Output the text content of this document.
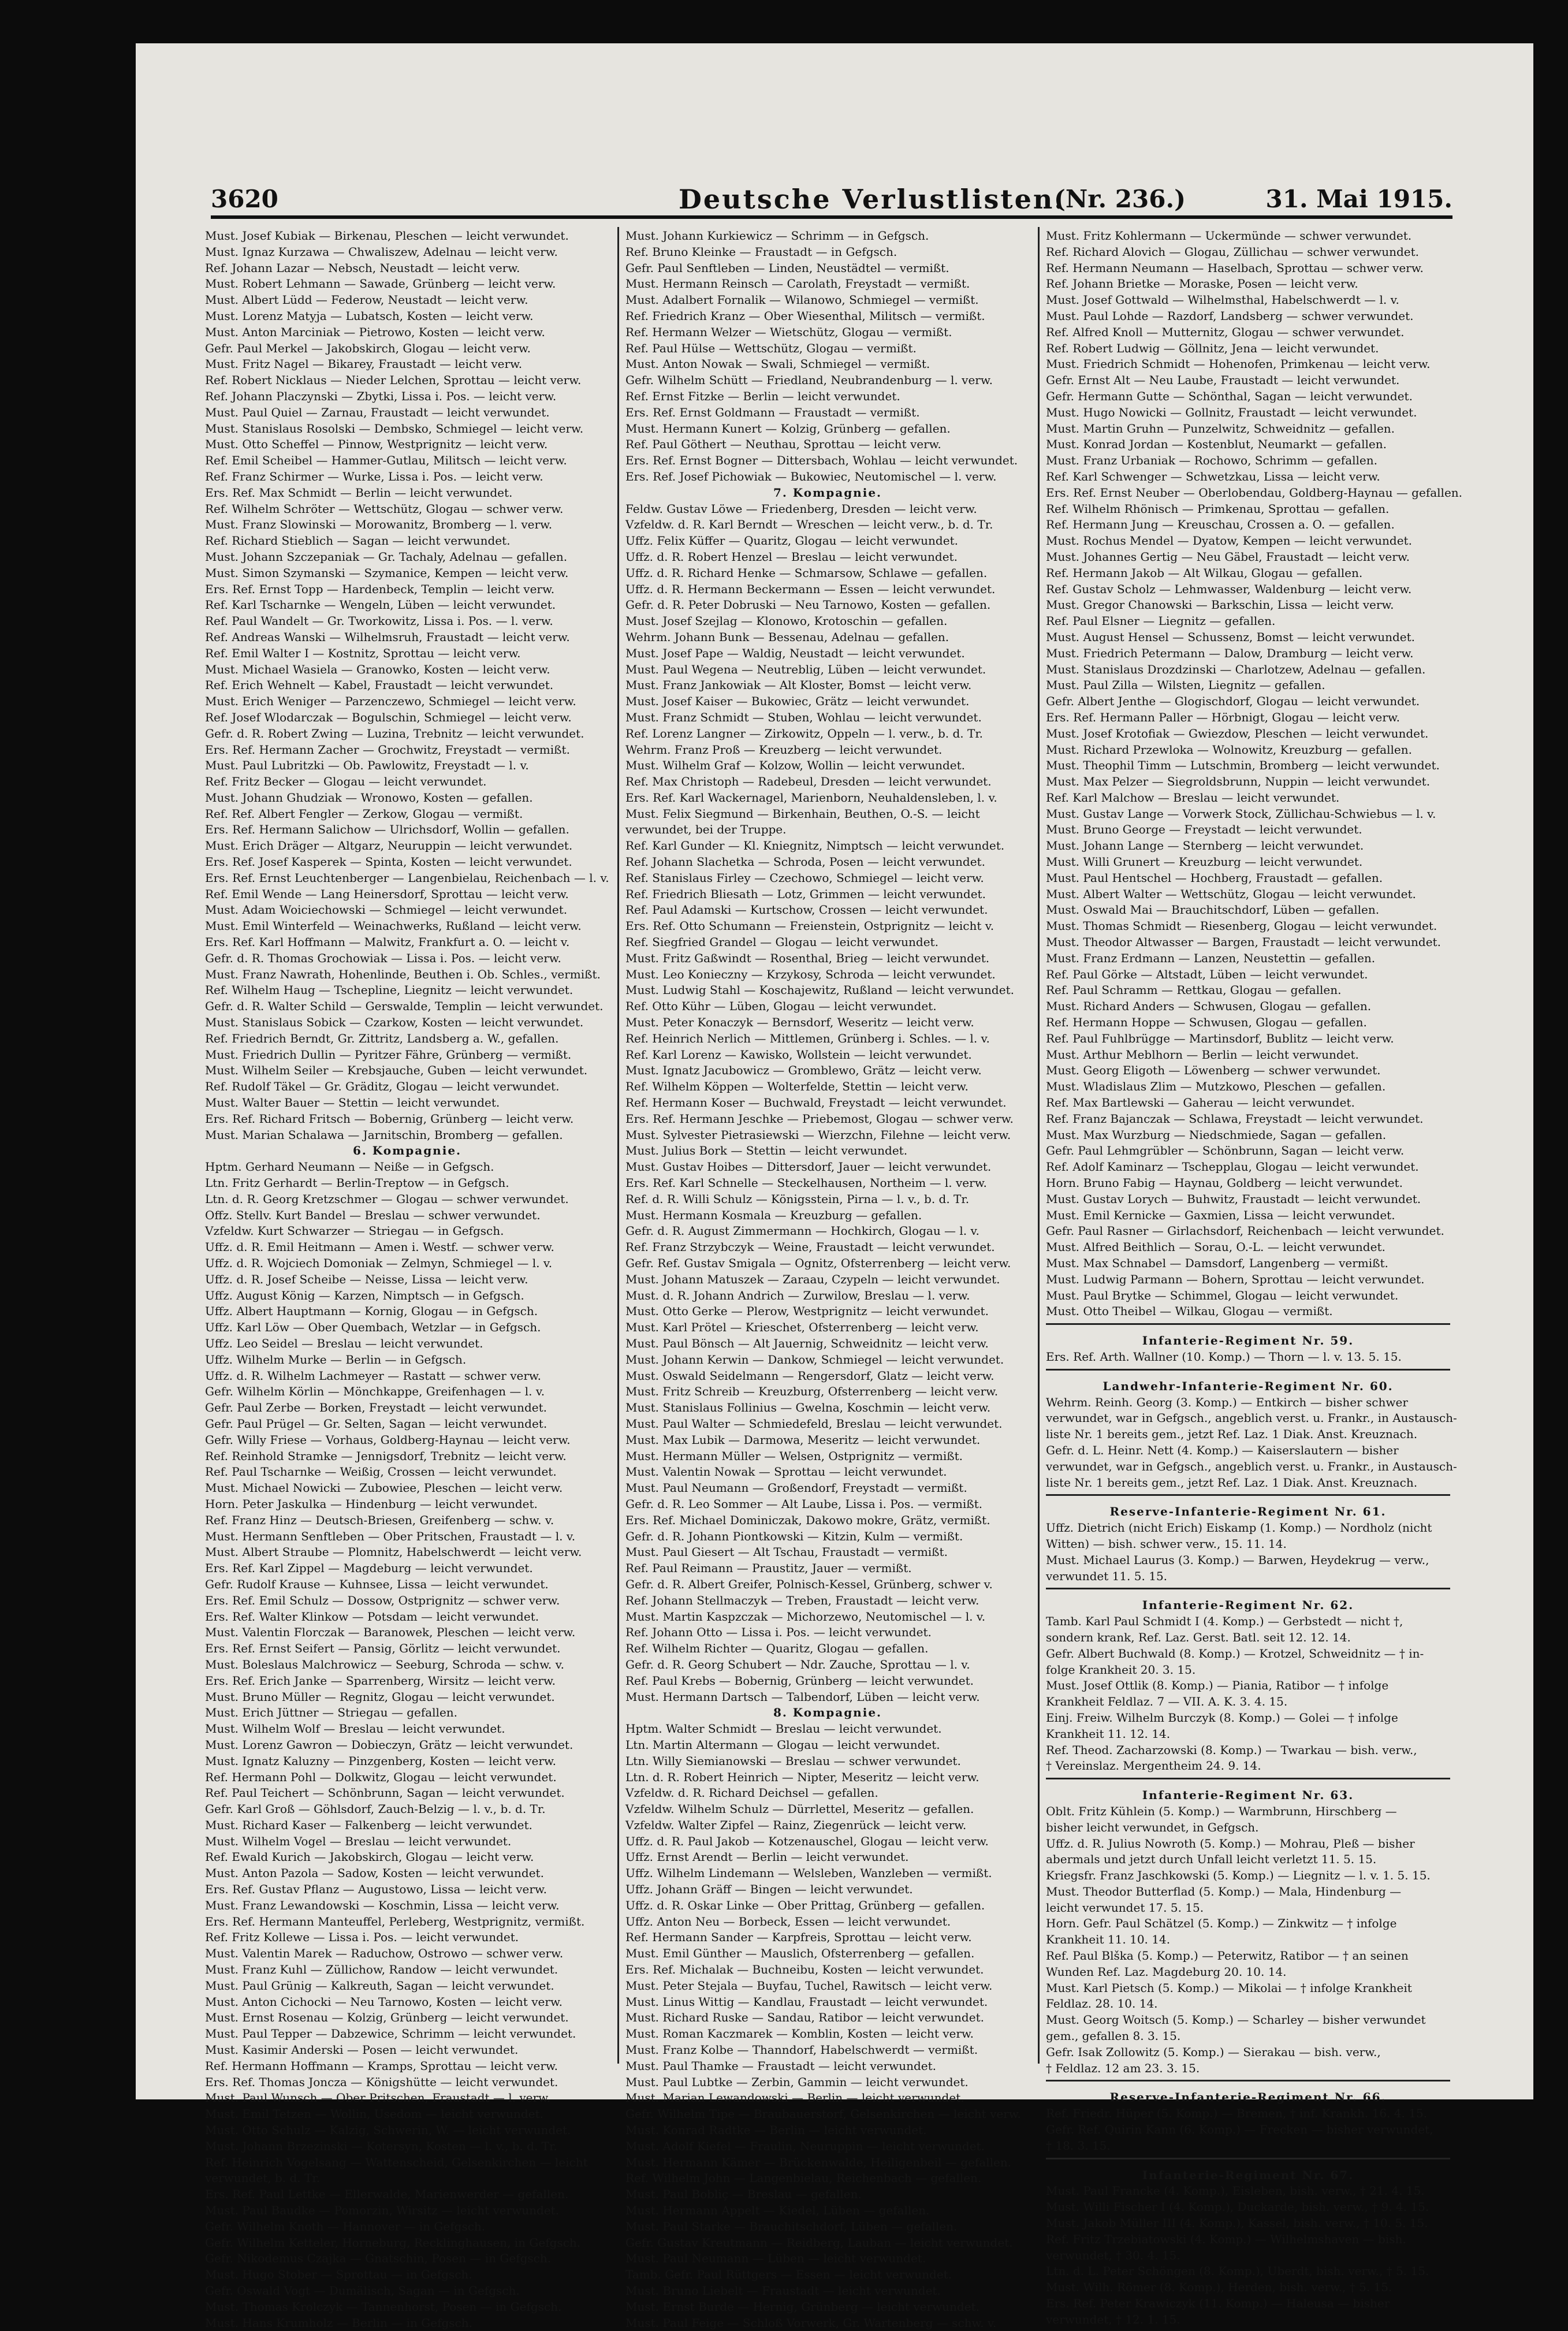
3620	Deutsche Verlustlisten.
(Nr. 236.)	31. Mai 1915.
Must. Josef Kubiak — Birkenau, Pleschen — leicht verwundet.
Must. Ignaz Kurzawa — Chwaliszew, Adelnau — leicht verw.
Ref. Johann Lazar — Nebsch, Neustadt — leicht verw.
Must. Robert Lehmann — Sawade, Grünberg — leicht verw.
Must. Albert Lüdd — Federow, Neustadt — leicht verw.
Must. Lorenz Matyja — Lubatsch, Kosten — leicht verw.
Must. Anton Marciniak — Pietrowo, Kosten — leicht verw.
Gefr. Paul Merkel — Jakobskirch, Glogau — leicht verw.
Must. Fritz Nagel — Bikarey, Fraustadt — leicht verw.
Ref. Robert Nicklaus — Nieder Lelchen, Sprottau — leicht verw.
Ref. Johann Placzynski — Zbytki, Lissa i. Pos. — leicht verw.
Must. Paul Quiel — Zarnau, Fraustadt — leicht verwundet.
Must. Stanislaus Rosolski — Dembsko, Schmiegel — leicht verw.
Must. Otto Scheffel — Pinnow, Westprignitz — leicht verw.
Ref. Emil Scheibel — Hammer-Gutlau, Militsch — leicht verw.
Ref. Franz Schirmer — Wurke, Lissa i. Pos. — leicht verw.
Ers. Ref. Max Schmidt — Berlin — leicht verwundet.
Ref. Wilhelm Schröter — Wettschütz, Glogau — schwer verw.
Must. Franz Slowinski — Morowanitz, Bromberg — l. verw.
Ref. Richard Stieblich — Sagan — leicht verwundet.
Must. Johann Szczepaniak — Gr. Tachaly, Adelnau — gefallen.
Must. Simon Szymanski — Szymanice, Kempen — leicht verw.
Ers. Ref. Ernst Topp — Hardenbeck, Templin — leicht verw.
Ref. Karl Tscharnke — Wengeln, Lüben — leicht verwundet.
Ref. Paul Wandelt — Gr. Tworkowitz, Lissa i. Pos. — l. verw.
Ref. Andreas Wanski — Wilhelmsruh, Fraustadt — leicht verw.
Ref. Emil Walter I — Kostnitz, Sprottau — leicht verw.
Must. Michael Wasiela — Granowko, Kosten — leicht verw.
Ref. Erich Wehnelt — Kabel, Fraustadt — leicht verwundet.
Must. Erich Weniger — Parzenczewo, Schmiegel — leicht verw.
Ref. Josef Wlodarczak — Bogulschin, Schmiegel — leicht verw.
Gefr. d. R. Robert Zwing — Luzina, Trebnitz — leicht verwundet.
Ers. Ref. Hermann Zacher — Grochwitz, Freystadt — vermißt.
Must. Paul Lubritzki — Ob. Pawlowitz, Freystadt — l. v.
Ref. Fritz Becker — Glogau — leicht verwundet.
Must. Johann Ghudziak — Wronowo, Kosten — gefallen.
Ref. Ref. Albert Fengler — Zerkow, Glogau — vermißt.
Ers. Ref. Hermann Salichow — Ulrichsdorf, Wollin — gefallen.
Must. Erich Dräger — Altgarz, Neuruppin — leicht verwundet.
Ers. Ref. Josef Kasperek — Spinta, Kosten — leicht verwundet.
Ers. Ref. Ernst Leuchtenberger — Langenbielau, Reichenbach — l. v.
Ref. Emil Wende — Lang Heinersdorf, Sprottau — leicht verw.
Must. Adam Woiciechowski — Schmiegel — leicht verwundet.
Must. Emil Winterfeld — Weinachwerks, Rußland — leicht verw.
Ers. Ref. Karl Hoffmann — Malwitz, Frankfurt a. O. — leicht v.
Gefr. d. R. Thomas Grochowiak — Lissa i. Pos. — leicht verw.
Must. Franz Nawrath, Hohenlinde, Beuthen i. Ob. Schles., vermißt.
Ref. Wilhelm Haug — Tschepline, Liegnitz — leicht verwundet.
Gefr. d. R. Walter Schild — Gerswalde, Templin — leicht verwundet.
Must. Stanislaus Sobick — Czarkow, Kosten — leicht verwundet.
Ref. Friedrich Berndt, Gr. Zittritz, Landsberg a. W., gefallen.
Must. Friedrich Dullin — Pyritzer Fähre, Grünberg — vermißt.
Must. Wilhelm Seiler — Krebsjauche, Guben — leicht verwundet.
Ref. Rudolf Täkel — Gr. Gräditz, Glogau — leicht verwundet.
Must. Walter Bauer — Stettin — leicht verwundet.
Ers. Ref. Richard Fritsch — Bobernig, Grünberg — leicht verw.
Must. Marian Schalawa — Jarnitschin, Bromberg — gefallen.
6. Kompagnie.
Hptm. Gerhard Neumann — Neiße — in Gefgsch.
Ltn. Fritz Gerhardt — Berlin-Treptow — in Gefgsch.
Ltn. d. R. Georg Kretzschmer — Glogau — schwer verwundet.
Offz. Stellv. Kurt Bandel — Breslau — schwer verwundet.
Vzfeldw. Kurt Schwarzer — Striegau — in Gefgsch.
Uffz. d. R. Emil Heitmann — Amen i. Westf. — schwer verw.
Uffz. d. R. Wojciech Domoniak — Zelmyn, Schmiegel — l. v.
Uffz. d. R. Josef Scheibe — Neisse, Lissa — leicht verw.
Uffz. August König — Karzen, Nimptsch — in Gefgsch.
Uffz. Albert Hauptmann — Kornig, Glogau — in Gefgsch.
Uffz. Karl Löw — Ober Quembach, Wetzlar — in Gefgsch.
Uffz. Leo Seidel — Breslau — leicht verwundet.
Uffz. Wilhelm Murke — Berlin — in Gefgsch.
Uffz. d. R. Wilhelm Lachmeyer — Rastatt — schwer verw.
Gefr. Wilhelm Körlin — Mönchkappe, Greifenhagen — l. v.
Gefr. Paul Zerbe — Borken, Freystadt — leicht verwundet.
Gefr. Paul Prügel — Gr. Selten, Sagan — leicht verwundet.
Gefr. Willy Friese — Vorhaus, Goldberg-Haynau — leicht verw.
Ref. Reinhold Stramke — Jennigsdorf, Trebnitz — leicht verw.
Ref. Paul Tscharnke — Weißig, Crossen — leicht verwundet.
Must. Michael Nowicki — Zubowiee, Pleschen — leicht verw.
Horn. Peter Jaskulka — Hindenburg — leicht verwundet.
Ref. Franz Hinz — Deutsch-Briesen, Greifenberg — schw. v.
Must. Hermann Senftleben — Ober Pritschen, Fraustadt — l. v.
Must. Albert Straube — Plomnitz, Habelschwerdt — leicht verw.
Ers. Ref. Karl Zippel — Magdeburg — leicht verwundet.
Gefr. Rudolf Krause — Kuhnsee, Lissa — leicht verwundet.
Ers. Ref. Emil Schulz — Dossow, Ostprignitz — schwer verw.
Ers. Ref. Walter Klinkow — Potsdam — leicht verwundet.
Must. Valentin Florczak — Baranowek, Pleschen — leicht verw.
Ers. Ref. Ernst Seifert — Pansig, Görlitz — leicht verwundet.
Must. Boleslaus Malchrowicz — Seeburg, Schroda — schw. v.
Ers. Ref. Erich Janke — Sparrenberg, Wirsitz — leicht verw.
Must. Bruno Müller — Regnitz, Glogau — leicht verwundet.
Must. Erich Jüttner — Striegau — gefallen.
Must. Wilhelm Wolf — Breslau — leicht verwundet.
Must. Lorenz Gawron — Dobieczyn, Grätz — leicht verwundet.
Must. Ignatz Kaluzny — Pinzgenberg, Kosten — leicht verw.
Ref. Hermann Pohl — Dolkwitz, Glogau — leicht verwundet.
Ref. Paul Teichert — Schönbrunn, Sagan — leicht verwundet.
Gefr. Karl Groß — Göhlsdorf, Zauch-Belzig — l. v., b. d. Tr.
Must. Richard Kaser — Falkenberg — leicht verwundet.
Must. Wilhelm Vogel — Breslau — leicht verwundet.
Ref. Ewald Kurich — Jakobskirch, Glogau — leicht verw.
Must. Anton Pazola — Sadow, Kosten — leicht verwundet.
Ers. Ref. Gustav Pflanz — Augustowo, Lissa — leicht verw.
Must. Franz Lewandowski — Koschmin, Lissa — leicht verw.
Ers. Ref. Hermann Manteuffel, Perleberg, Westprignitz, vermißt.
Ref. Fritz Kollewe — Lissa i. Pos. — leicht verwundet.
Must. Valentin Marek — Raduchow, Ostrowo — schwer verw.
Must. Franz Kuhl — Züllichow, Randow — leicht verwundet.
Must. Paul Grünig — Kalkreuth, Sagan — leicht verwundet.
Must. Anton Cichocki — Neu Tarnowo, Kosten — leicht verw.
Must. Ernst Rosenau — Kolzig, Grünberg — leicht verwundet.
Must. Paul Tepper — Dabzewice, Schrimm — leicht verwundet.
Must. Kasimir Anderski — Posen — leicht verwundet.
Ref. Hermann Hoffmann — Kramps, Sprottau — leicht verw.
Ers. Ref. Thomas Joncza — Königshütte — leicht verwundet.
Must. Paul Wunsch — Ober Pritschen, Fraustadt — l. verw.
Must. Emil Tetzen — Wollin, Usedom — leicht verwundet.
Must. Otto Schulz — Kalzig, Schwerin, W. — leicht verwundet.
Must. Johann Brzezinski — Kotersyn, Kosten — l. v., b. d. Tr.
Ref. Heinrich Vogelsang — Wattenscheid, Gelsenkirchen — leicht
verwundet, b. d. Tr.
Ers. Ref. Paul Lettke — Ellerwalde, Marienwerder — gefallen.
Must. Paul Baudke — Pomorzin, Wirsitz — leicht verwundet.
Gefr. Wilhelm Knoth — Hannover — in Gefgsch.
Gefr. Wilhelm Ketteler, Horneburg, Recklinghausen, in Gefgsch.
Gefr. Nikodemus Czajka — Gnatschin, Posen — in Gefgsch.
Must. Hugo Stober — Sprottau — in Gefgsch.
Gefr. Oswald Vogt — Dumälisch, Sagan — in Gefgsch.
Must. Thomas Krolczyk — Tannenhorst, Posen — in Gefgsch.
Must. Hans Krumholz — Berlin — in Gefgsch.
Must. Johann Kurkiewicz — Schrimm — in Gefgsch.
Ref. Bruno Kleinke — Fraustadt — in Gefgsch.
Gefr. Paul Senftleben — Linden, Neustädtel — vermißt.
Must. Hermann Reinsch — Carolath, Freystadt — vermißt.
Must. Adalbert Fornalik — Wilanowo, Schmiegel — vermißt.
Ref. Friedrich Kranz — Ober Wiesenthal, Militsch — vermißt.
Ref. Hermann Welzer — Wietschütz, Glogau — vermißt.
Ref. Paul Hülse — Wettschütz, Glogau — vermißt.
Must. Anton Nowak — Swali, Schmiegel — vermißt.
Gefr. Wilhelm Schütt — Friedland, Neubrandenburg — l. verw.
Ref. Ernst Fitzke — Berlin — leicht verwundet.
Ers. Ref. Ernst Goldmann — Fraustadt — vermißt.
Must. Hermann Kunert — Kolzig, Grünberg — gefallen.
Ref. Paul Göthert — Neuthau, Sprottau — leicht verw.
Ers. Ref. Ernst Bogner — Dittersbach, Wohlau — leicht verwundet.
Ers. Ref. Josef Pichowiak — Bukowiec, Neutomischel — l. verw.
7. Kompagnie.
Feldw. Gustav Löwe — Friedenberg, Dresden — leicht verw.
Vzfeldw. d. R. Karl Berndt — Wreschen — leicht verw., b. d. Tr.
Uffz. Felix Küffer — Quaritz, Glogau — leicht verwundet.
Uffz. d. R. Robert Henzel — Breslau — leicht verwundet.
Uffz. d. R. Richard Henke — Schmarsow, Schlawe — gefallen.
Uffz. d. R. Hermann Beckermann — Essen — leicht verwundet.
Gefr. d. R. Peter Dobruski — Neu Tarnowo, Kosten — gefallen.
Must. Josef Szejlag — Klonowo, Krotoschin — gefallen.
Wehrm. Johann Bunk — Bessenau, Adelnau — gefallen.
Must. Josef Pape — Waldig, Neustadt — leicht verwundet.
Must. Paul Wegena — Neutreblig, Lüben — leicht verwundet.
Must. Franz Jankowiak — Alt Kloster, Bomst — leicht verw.
Must. Josef Kaiser — Bukowiec, Grätz — leicht verwundet.
Must. Franz Schmidt — Stuben, Wohlau — leicht verwundet.
Ref. Lorenz Langner — Zirkowitz, Oppeln — l. verw., b. d. Tr.
Wehrm. Franz Proß — Kreuzberg — leicht verwundet.
Must. Wilhelm Graf — Kolzow, Wollin — leicht verwundet.
Ref. Max Christoph — Radebeul, Dresden — leicht verwundet.
Ers. Ref. Karl Wackernagel, Marienborn, Neuhaldensleben, l. v.
Must. Felix Siegmund — Birkenhain, Beuthen, O.-S. — leicht
verwundet, bei der Truppe.
Ref. Karl Gunder — Kl. Kniegnitz, Nimptsch — leicht verwundet.
Ref. Johann Slachetka — Schroda, Posen — leicht verwundet.
Ref. Stanislaus Firley — Czechowo, Schmiegel — leicht verw.
Ref. Friedrich Bliesath — Lotz, Grimmen — leicht verwundet.
Ref. Paul Adamski — Kurtschow, Crossen — leicht verwundet.
Ers. Ref. Otto Schumann — Freienstein, Ostprignitz — leicht v.
Ref. Siegfried Grandel — Glogau — leicht verwundet.
Must. Fritz Gaßwindt — Rosenthal, Brieg — leicht verwundet.
Must. Leo Konieczny — Krzykosy, Schroda — leicht verwundet.
Must. Ludwig Stahl — Koschajewitz, Rußland — leicht verwundet.
Ref. Otto Kühr — Lüben, Glogau — leicht verwundet.
Must. Peter Konaczyk — Bernsdorf, Weseritz — leicht verw.
Ref. Heinrich Nerlich — Mittlemen, Grünberg i. Schles. — l. v.
Ref. Karl Lorenz — Kawisko, Wollstein — leicht verwundet.
Must. Ignatz Jacubowicz — Gromblewo, Grätz — leicht verw.
Ref. Wilhelm Köppen — Wolterfelde, Stettin — leicht verw.
Ref. Hermann Koser — Buchwald, Freystadt — leicht verwundet.
Ers. Ref. Hermann Jeschke — Priebemost, Glogau — schwer verw.
Must. Sylvester Pietrasiewski — Wierzchn, Filehne — leicht verw.
Must. Julius Bork — Stettin — leicht verwundet.
Must. Gustav Hoibes — Dittersdorf, Jauer — leicht verwundet.
Ers. Ref. Karl Schnelle — Steckelhausen, Northeim — l. verw.
Ref. d. R. Willi Schulz — Königsstein, Pirna — l. v., b. d. Tr.
Must. Hermann Kosmala — Kreuzburg — gefallen.
Gefr. d. R. August Zimmermann — Hochkirch, Glogau — l. v.
Ref. Franz Strzybczyk — Weine, Fraustadt — leicht verwundet.
Gefr. Ref. Gustav Smigala — Ognitz, Ofsterrenberg — leicht verw.
Must. Johann Matuszek — Zaraau, Czypeln — leicht verwundet.
Must. d. R. Johann Andrich — Zurwilow, Breslau — l. verw.
Must. Otto Gerke — Plerow, Westprignitz — leicht verwundet.
Must. Karl Prötel — Krieschet, Ofsterrenberg — leicht verw.
Must. Paul Bönsch — Alt Jauernig, Schweidnitz — leicht verw.
Must. Johann Kerwin — Dankow, Schmiegel — leicht verwundet.
Must. Oswald Seidelmann — Rengersdorf, Glatz — leicht verw.
Must. Fritz Schreib — Kreuzburg, Ofsterrenberg — leicht verw.
Must. Stanislaus Follinius — Gwelna, Koschmin — leicht verw.
Must. Paul Walter — Schmiedefeld, Breslau — leicht verwundet.
Must. Max Lubik — Darmowa, Meseritz — leicht verwundet.
Must. Hermann Müller — Welsen, Ostprignitz — vermißt.
Must. Valentin Nowak — Sprottau — leicht verwundet.
Must. Paul Neumann — Großendorf, Freystadt — vermißt.
Gefr. d. R. Leo Sommer — Alt Laube, Lissa i. Pos. — vermißt.
Ers. Ref. Michael Dominiczak, Dakowo mokre, Grätz, vermißt.
Gefr. d. R. Johann Piontkowski — Kitzin, Kulm — vermißt.
Must. Paul Giesert — Alt Tschau, Fraustadt — vermißt.
Ref. Paul Reimann — Praustitz, Jauer — vermißt.
Gefr. d. R. Albert Greifer, Polnisch-Kessel, Grünberg, schwer v.
Ref. Johann Stellmaczyk — Treben, Fraustadt — leicht verw.
Must. Martin Kaspzczak — Michorzewo, Neutomischel — l. v.
Ref. Johann Otto — Lissa i. Pos. — leicht verwundet.
Ref. Wilhelm Richter — Quaritz, Glogau — gefallen.
Gefr. d. R. Georg Schubert — Ndr. Zauche, Sprottau — l. v.
Ref. Paul Krebs — Bobernig, Grünberg — leicht verwundet.
Must. Hermann Dartsch — Talbendorf, Lüben — leicht verw.
8. Kompagnie.
Hptm. Walter Schmidt — Breslau — leicht verwundet.
Ltn. Martin Altermann — Glogau — leicht verwundet.
Ltn. Willy Siemianowski — Breslau — schwer verwundet.
Ltn. d. R. Robert Heinrich — Nipter, Meseritz — leicht verw.
Vzfeldw. d. R. Richard Deichsel — gefallen.
Vzfeldw. Wilhelm Schulz — Dürrlettel, Meseritz — gefallen.
Vzfeldw. Walter Zipfel — Rainz, Ziegenrück — leicht verw.
Uffz. d. R. Paul Jakob — Kotzenauschel, Glogau — leicht verw.
Uffz. Ernst Arendt — Berlin — leicht verwundet.
Uffz. Wilhelm Lindemann — Welsleben, Wanzleben — vermißt.
Uffz. Johann Gräff — Bingen — leicht verwundet.
Uffz. d. R. Oskar Linke — Ober Prittag, Grünberg — gefallen.
Uffz. Anton Neu — Borbeck, Essen — leicht verwundet.
Ref. Hermann Sander — Karpfreis, Sprottau — leicht verw.
Must. Emil Günther — Mauslich, Ofsterrenberg — gefallen.
Ers. Ref. Michalak — Buchneibu, Kosten — leicht verwundet.
Must. Peter Stejala — Buyfau, Tuchel, Rawitsch — leicht verw.
Must. Linus Wittig — Kandlau, Fraustadt — leicht verwundet.
Must. Richard Ruske — Sandau, Ratibor — leicht verwundet.
Must. Roman Kaczmarek — Komblin, Kosten — leicht verw.
Must. Franz Kolbe — Thanndorf, Habelschwerdt — vermißt.
Must. Paul Thamke — Fraustadt — leicht verwundet.
Must. Paul Lubtke — Zerbin, Gammin — leicht verwundet.
Must. Marian Lewandowski — Berlin — leicht verwundet.
Gefr. Wilhelm Tipe — Braubauerstorf, Gelsenkirchen — leicht verw.
Must. Konrad Radtke — Berlin — leicht verwundet.
Must. Adolf Kiefel — Fraulin, Neuruppin — leicht verwundet.
Must. Hermann Kämer — Brückenwalde, Heiligenbeil — gefallen.
Ref. Wilhelm John — Langenbielau, Reichenbach — gefallen.
Must. Paul Bobliç — Breslau — gefallen.
Must. Hermann Appelt — Kiedel, Lüben — gefallen.
Must. Paul Starke — Brauchitschdorf, Lüben — gefallen.
Gefr. Gustav Kreutmann — Reidberg, Lauban — leicht verwundet.
Must. Paul Neumann — Lüben — leicht verwundet.
Tamb. Gefr. Paul Rüttgers — Essen — leicht verwundet.
Must. Bruno Liebelt — Fraustadt — leicht verwundet.
Must. Ernst Burde — Hernig, Grünberg — leicht verwundet.
Must. Paul Feige — Schloß Vorwerk, Gr. Wartenberg — schw. v.
Must. Fritz Kohlermann — Uckermünde — schwer verwundet.
Ref. Richard Alovich — Glogau, Züllichau — schwer verwundet.
Ref. Hermann Neumann — Haselbach, Sprottau — schwer verw.
Ref. Johann Brietke — Moraske, Posen — leicht verw.
Must. Josef Gottwald — Wilhelmsthal, Habelschwerdt — l. v.
Must. Paul Lohde — Razdorf, Landsberg — schwer verwundet.
Ref. Alfred Knoll — Mutternitz, Glogau — schwer verwundet.
Ref. Robert Ludwig — Göllnitz, Jena — leicht verwundet.
Must. Friedrich Schmidt — Hohenofen, Primkenau — leicht verw.
Gefr. Ernst Alt — Neu Laube, Fraustadt — leicht verwundet.
Gefr. Hermann Gutte — Schönthal, Sagan — leicht verwundet.
Must. Hugo Nowicki — Gollnitz, Fraustadt — leicht verwundet.
Must. Martin Gruhn — Punzelwitz, Schweidnitz — gefallen.
Must. Konrad Jordan — Kostenblut, Neumarkt — gefallen.
Must. Franz Urbaniak — Rochowo, Schrimm — gefallen.
Ref. Karl Schwenger — Schwetzkau, Lissa — leicht verw.
Ers. Ref. Ernst Neuber — Oberlobendau, Goldberg-Haynau — gefallen.
Ref. Wilhelm Rhönisch — Primkenau, Sprottau — gefallen.
Ref. Hermann Jung — Kreuschau, Crossen a. O. — gefallen.
Must. Rochus Mendel — Dyatow, Kempen — leicht verwundet.
Must. Johannes Gertig — Neu Gäbel, Fraustadt — leicht verw.
Ref. Hermann Jakob — Alt Wilkau, Glogau — gefallen.
Ref. Gustav Scholz — Lehmwasser, Waldenburg — leicht verw.
Must. Gregor Chanowski — Barkschin, Lissa — leicht verw.
Ref. Paul Elsner — Liegnitz — gefallen.
Must. August Hensel — Schussenz, Bomst — leicht verwundet.
Must. Friedrich Petermann — Dalow, Dramburg — leicht verw.
Must. Stanislaus Drozdzinski — Charlotzew, Adelnau — gefallen.
Must. Paul Zilla — Wilsten, Liegnitz — gefallen.
Gefr. Albert Jenthe — Glogischdorf, Glogau — leicht verwundet.
Ers. Ref. Hermann Paller — Hörbnigt, Glogau — leicht verw.
Must. Josef Krotofiak — Gwiezdow, Pleschen — leicht verwundet.
Must. Richard Przewloka — Wolnowitz, Kreuzburg — gefallen.
Must. Theophil Timm — Lutschmin, Bromberg — leicht verwundet.
Must. Max Pelzer — Siegroldsbrunn, Nuppin — leicht verwundet.
Ref. Karl Malchow — Breslau — leicht verwundet.
Must. Gustav Lange — Vorwerk Stock, Züllichau-Schwiebus — l. v.
Must. Bruno George — Freystadt — leicht verwundet.
Must. Johann Lange — Sternberg — leicht verwundet.
Must. Willi Grunert — Kreuzburg — leicht verwundet.
Must. Paul Hentschel — Hochberg, Fraustadt — gefallen.
Must. Albert Walter — Wettschütz, Glogau — leicht verwundet.
Must. Oswald Mai — Brauchitschdorf, Lüben — gefallen.
Must. Thomas Schmidt — Riesenberg, Glogau — leicht verwundet.
Must. Theodor Altwasser — Bargen, Fraustadt — leicht verwundet.
Must. Franz Erdmann — Lanzen, Neustettin — gefallen.
Ref. Paul Görke — Altstadt, Lüben — leicht verwundet.
Ref. Paul Schramm — Rettkau, Glogau — gefallen.
Must. Richard Anders — Schwusen, Glogau — gefallen.
Ref. Hermann Hoppe — Schwusen, Glogau — gefallen.
Ref. Paul Fuhlbrügge — Martinsdorf, Bublitz — leicht verw.
Must. Arthur Meblhorn — Berlin — leicht verwundet.
Must. Georg Eligoth — Löwenberg — schwer verwundet.
Must. Wladislaus Zlim — Mutzkowo, Pleschen — gefallen.
Ref. Max Bartlewski — Gaherau — leicht verwundet.
Ref. Franz Bajanczak — Schlawa, Freystadt — leicht verwundet.
Must. Max Wurzburg — Niedschmiede, Sagan — gefallen.
Gefr. Paul Lehmgrübler — Schönbrunn, Sagan — leicht verw.
Ref. Adolf Kaminarz — Tschepplau, Glogau — leicht verwundet.
Horn. Bruno Fabig — Haynau, Goldberg — leicht verwundet.
Must. Gustav Lorych — Buhwitz, Fraustadt — leicht verwundet.
Must. Emil Kernicke — Gaxmien, Lissa — leicht verwundet.
Gefr. Paul Rasner — Girlachsdorf, Reichenbach — leicht verwundet.
Must. Alfred Beithlich — Sorau, O.-L. — leicht verwundet.
Must. Max Schnabel — Damsdorf, Langenberg — vermißt.
Must. Ludwig Parmann — Bohern, Sprottau — leicht verwundet.
Must. Paul Brytke — Schimmel, Glogau — leicht verwundet.
Must. Otto Theibel — Wilkau, Glogau — vermißt.
Infanterie-Regiment Nr. 59.
Ers. Ref. Arth. Wallner (10. Komp.) — Thorn — l. v. 13. 5. 15.
Landwehr-Infanterie-Regiment Nr. 60.
Wehrm. Reinh. Georg (3. Komp.) — Entkirch — bisher schwer
verwundet, war in Gefgsch., angeblich verst. u. Frankr., in Austausch-
liste Nr. 1 bereits gem., jetzt Ref. Laz. 1 Diak. Anst. Kreuznach.
Gefr. d. L. Heinr. Nett (4. Komp.) — Kaiserslautern — bisher
verwundet, war in Gefgsch., angeblich verst. u. Frankr., in Austausch-
liste Nr. 1 bereits gem., jetzt Ref. Laz. 1 Diak. Anst. Kreuznach.
Reserve-Infanterie-Regiment Nr. 61.
Uffz. Dietrich (nicht Erich) Eiskamp (1. Komp.) — Nordholz (nicht
Witten) — bish. schwer verw., 15. 11. 14.
Must. Michael Laurus (3. Komp.) — Barwen, Heydekrug — verw.,
verwundet 11. 5. 15.
Infanterie-Regiment Nr. 62.
Tamb. Karl Paul Schmidt I (4. Komp.) — Gerbstedt — nicht †,
sondern krank, Ref. Laz. Gerst. Batl. seit 12. 12. 14.
Gefr. Albert Buchwald (8. Komp.) — Krotzel, Schweidnitz — † in-
folge Krankheit 20. 3. 15.
Must. Josef Ottlik (8. Komp.) — Piania, Ratibor — † infolge
Krankheit Feldlaz. 7 — VII. A. K. 3. 4. 15.
Einj. Freiw. Wilhelm Burczyk (8. Komp.) — Golei — † infolge
Krankheit 11. 12. 14.
Ref. Theod. Zacharzowski (8. Komp.) — Twarkau — bish. verw.,
† Vereinslaz. Mergentheim 24. 9. 14.
Infanterie-Regiment Nr. 63.
Oblt. Fritz Kühlein (5. Komp.) — Warmbrunn, Hirschberg —
bisher leicht verwundet, in Gefgsch.
Uffz. d. R. Julius Nowroth (5. Komp.) — Mohrau, Pleß — bisher
abermals und jetzt durch Unfall leicht verletzt 11. 5. 15.
Kriegsfr. Franz Jaschkowski (5. Komp.) — Liegnitz — l. v. 1. 5. 15.
Must. Theodor Butterflad (5. Komp.) — Mala, Hindenburg —
leicht verwundet 17. 5. 15.
Horn. Gefr. Paul Schätzel (5. Komp.) — Zinkwitz — † infolge
Krankheit 11. 10. 14.
Ref. Paul Blška (5. Komp.) — Peterwitz, Ratibor — † an seinen
Wunden Ref. Laz. Magdeburg 20. 10. 14.
Must. Karl Pietsch (5. Komp.) — Mikolai — † infolge Krankheit
Feldlaz. 28. 10. 14.
Must. Georg Woitsch (5. Komp.) — Scharley — bisher verwundet
gem., gefallen 8. 3. 15.
Gefr. Isak Zollowitz (5. Komp.) — Sierakau — bish. verw.,
† Feldlaz. 12 am 23. 3. 15.
Reserve-Infanterie-Regiment Nr. 66.
Ref. Friedr. Hüper (5. Komp.) — Bremen, † inf. Krankh. 16. 4. 15.
Gefr. Ref. Quirin Kann (6. Komp.) — Frecken — bisher verwundet,
† 18. 3. 15.
Infanterie-Regiment Nr. 67.
Must. Paul Francke (4. Komp.), Eisleben, bish. verw., † 21. 4. 15.
Must. Willi Fischer I (4. Komp.), Duckarde, bish. verw., † 9. 4. 15.
Must. Jakob Müller III (4. Komp.), Kassel, bish. verw., † 10. 5. 15.
Ref. Fritz Trzebiatowski (4. Komp.) — Wilhelmshaven — bish.
verwundet, † 30. 4. 15.
Ltn. d. L. Peter Schöngen (8. Komp.), Uberdt, bish. verw., † 5. 15.
Must. Wilh. Römer (8. Komp.), Herden, bish. verw., † 5. 15.
Ers. Ref. Peter Krawiczyk (11. Komp.) — Haleusa — bisher
verwundet, † 12. 1. 15.
